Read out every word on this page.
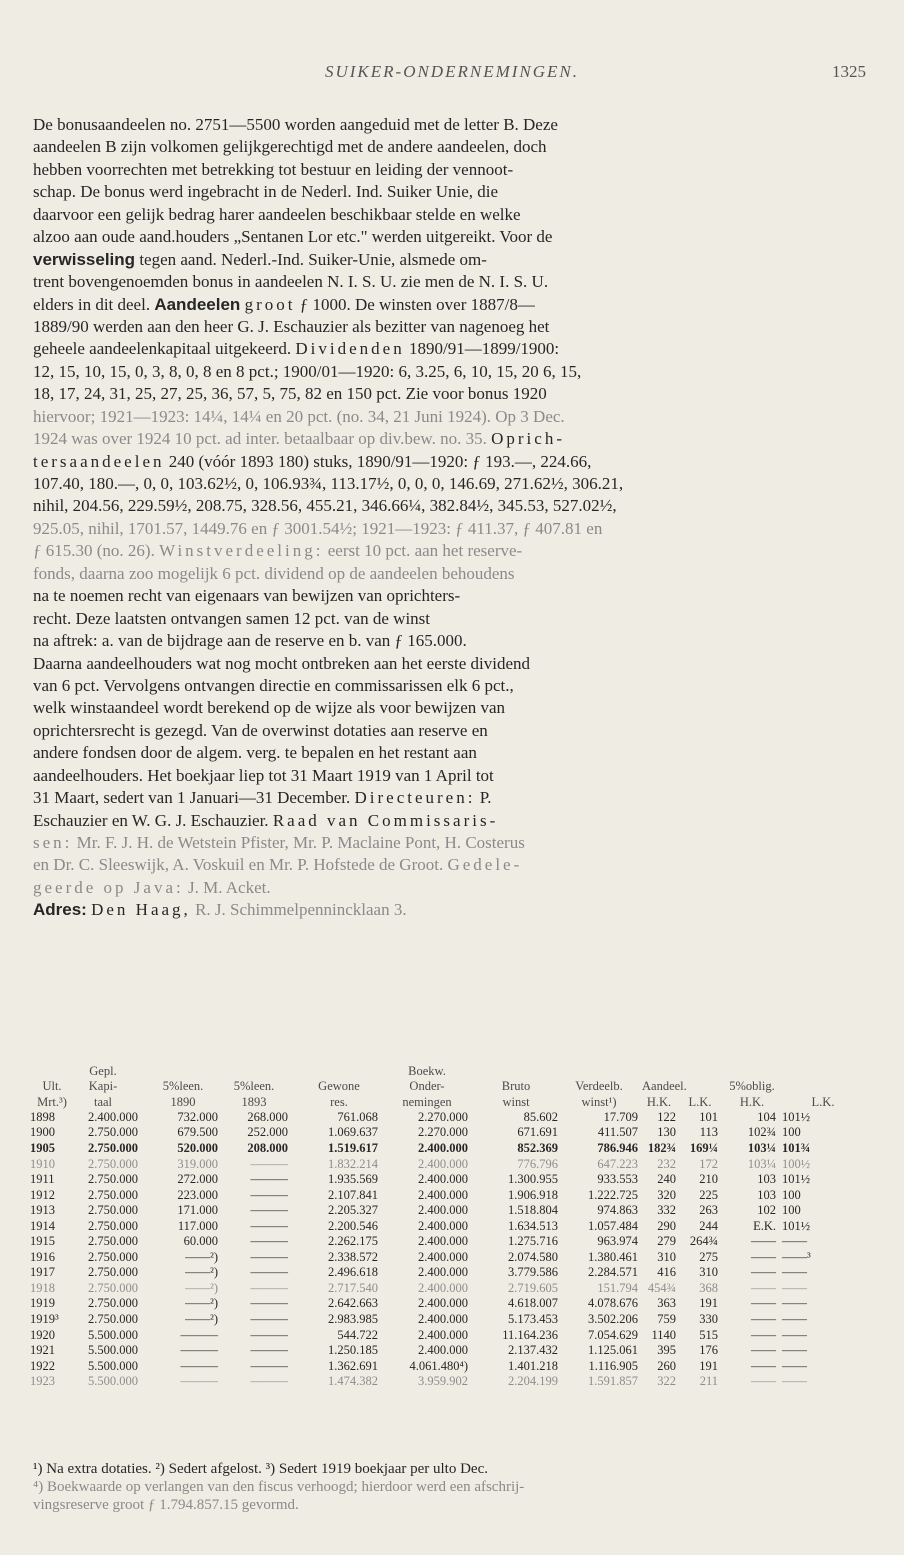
SUIKER-ONDERNEMINGEN.	1325
De bonusaandeelen no. 2751—5500 worden aangeduid met de letter B. Deze
aandeelen B zijn volkomen gelijkgerechtigd met de andere aandeelen, doch
hebben voorrechten met betrekking tot bestuur en leiding der vennoot-
schap. De bonus werd ingebracht in de Nederl. Ind. Suiker Unie, die
daarvoor een gelijk bedrag harer aandeelen beschikbaar stelde en welke
alzoo aan oude aand.houders „Sentanen Lor etc." werden uitgereikt. Voor de
verwisseling tegen aand. Nederl.-Ind. Suiker-Unie, alsmede om-
trent bovengenoemden bonus in aandeelen N. I. S. U. zie men de N. I. S. U.
elders in dit deel. Aandeelen groot ƒ 1000. De winsten over 1887/8—
1889/90 werden aan den heer G. J. Eschauzier als bezitter van nagenoeg het
geheele aandeelenkapitaal uitgekeerd. Dividenden 1890/91—1899/1900:
12, 15, 10, 15, 0, 3, 8, 0, 8 en 8 pct.; 1900/01—1920: 6, 3.25, 6, 10, 15, 20 6, 15,
18, 17, 24, 31, 25, 27, 25, 36, 57, 5, 75, 82 en 150 pct. Zie voor bonus 1920
hiervoor; 1921—1923: 14¼, 14¼ en 20 pct. (no. 34, 21 Juni 1924). Op 3 Dec.
1924 was over 1924 10 pct. ad inter. betaalbaar op div.bew. no. 35. Oprich-
tersaandeelen 240 (vóór 1893 180) stuks, 1890/91—1920: ƒ 193.—, 224.66,
107.40, 180.—, 0, 0, 103.62½, 0, 106.93¾, 113.17½, 0, 0, 0, 146.69, 271.62½, 306.21,
nihil, 204.56, 229.59½, 208.75, 328.56, 455.21, 346.66¼, 382.84½, 345.53, 527.02½,
925.05, nihil, 1701.57, 1449.76 en ƒ 3001.54½; 1921—1923: ƒ 411.37, ƒ 407.81 en
ƒ 615.30 (no. 26). Winstverdeeling: eerst 10 pct. aan het reserve-
fonds, daarna zoo mogelijk 6 pct. dividend op de aandeelen behoudens
na te noemen recht van eigenaars van bewijzen van oprichters-
recht. Deze laatsten ontvangen samen 12 pct. van de winst
na aftrek: a. van de bijdrage aan de reserve en b. van ƒ 165.000.
Daarna aandeelhouders wat nog mocht ontbreken aan het eerste dividend
van 6 pct. Vervolgens ontvangen directie en commissarissen elk 6 pct.,
welk winstaandeel wordt berekend op de wijze als voor bewijzen van
oprichtersrecht is gezegd. Van de overwinst dotaties aan reserve en
andere fondsen door de algem. verg. te bepalen en het restant aan
aandeelhouders. Het boekjaar liep tot 31 Maart 1919 van 1 April tot
31 Maart, sedert van 1 Januari—31 December. Directeuren: P.
Eschauzier en W. G. J. Eschauzier. Raad van Commissaris-
sen: Mr. F. J. H. de Wetstein Pfister, Mr. P. Maclaine Pont, H. Costerus
en Dr. C. Sleeswijk, A. Voskuil en Mr. P. Hofstede de Groot. Gedele-
geerde op Java: J. M. Acket.
Adres: Den Haag, R. J. Schimmelpennincklaan 3.
Gepl.	Boekw.
Ult.	Kapi-	5%leen.	5%leen.	Gewone	Onder-	Bruto	Verdeelb.	Aandeel.	5%oblig.
Mrt.³)	taal	1890	1893	res.	nemingen	winst	winst¹)	H.K.	L.K.	H.K.	L.K.
1898	2.400.000	732.000	268.000	761.068	2.270.000	85.602	17.709	122	101	104 101½
1900	2.750.000	679.500	252.000	1.069.637	2.270.000	671.691	411.507	130	113	102¾ 100
1905	2.750.000	520.000	208.000	1.519.617	2.400.000	852.369	786.946 182¾	169¼	103¼ 101¾
1910	2.750.000	319.000	———	1.832.214	2.400.000	776.796	647.223	232	172	103¼ 100½
1911	2.750.000	272.000	———	1.935.569	2.400.000	1.300.955	933.553	240	210	103 101½
1912	2.750.000	223.000	———	2.107.841	2.400.000	1.906.918	1.222.725	320	225	103 100
1913	2.750.000	171.000	———	2.205.327	2.400.000	1.518.804	974.863	332	263	102 100
1914	2.750.000	117.000	———	2.200.546	2.400.000	1.634.513	1.057.484	290	244	E.K. 101½
1915	2.750.000	60.000	———	2.262.175	2.400.000	1.275.716	963.974	279	264¾	—— ——
1916	2.750.000	——²)	———	2.338.572	2.400.000	2.074.580	1.380.461	310	275	—— ——³
1917	2.750.000	——²)	———	2.496.618	2.400.000	3.779.586	2.284.571	416	310	—— ——
1918	2.750.000	——²)	———	2.717.540	2.400.000	2.719.605	151.794 454¾	368	—— ——
1919	2.750.000	——²)	———	2.642.663	2.400.000	4.618.007	4.078.676	363	191	—— ——
1919³	2.750.000	——²)	———	2.983.985	2.400.000	5.173.453	3.502.206	759	330	—— ——
1920	5.500.000	———	———	544.722	2.400.000	11.164.236	7.054.629	1140	515	—— ——
1921	5.500.000	———	———	1.250.185	2.400.000	2.137.432	1.125.061	395	176	—— ——
1922	5.500.000	———	———	1.362.691	4.061.480⁴)	1.401.218	1.116.905	260	191	—— ——
1923	5.500.000	———	———	1.474.382	3.959.902	2.204.199	1.591.857	322	211	—— ——
¹) Na extra dotaties. ²) Sedert afgelost. ³) Sedert 1919 boekjaar per ulto Dec.
⁴) Boekwaarde op verlangen van den fiscus verhoogd; hierdoor werd een afschrij-
vingsreserve groot ƒ 1.794.857.15 gevormd.
